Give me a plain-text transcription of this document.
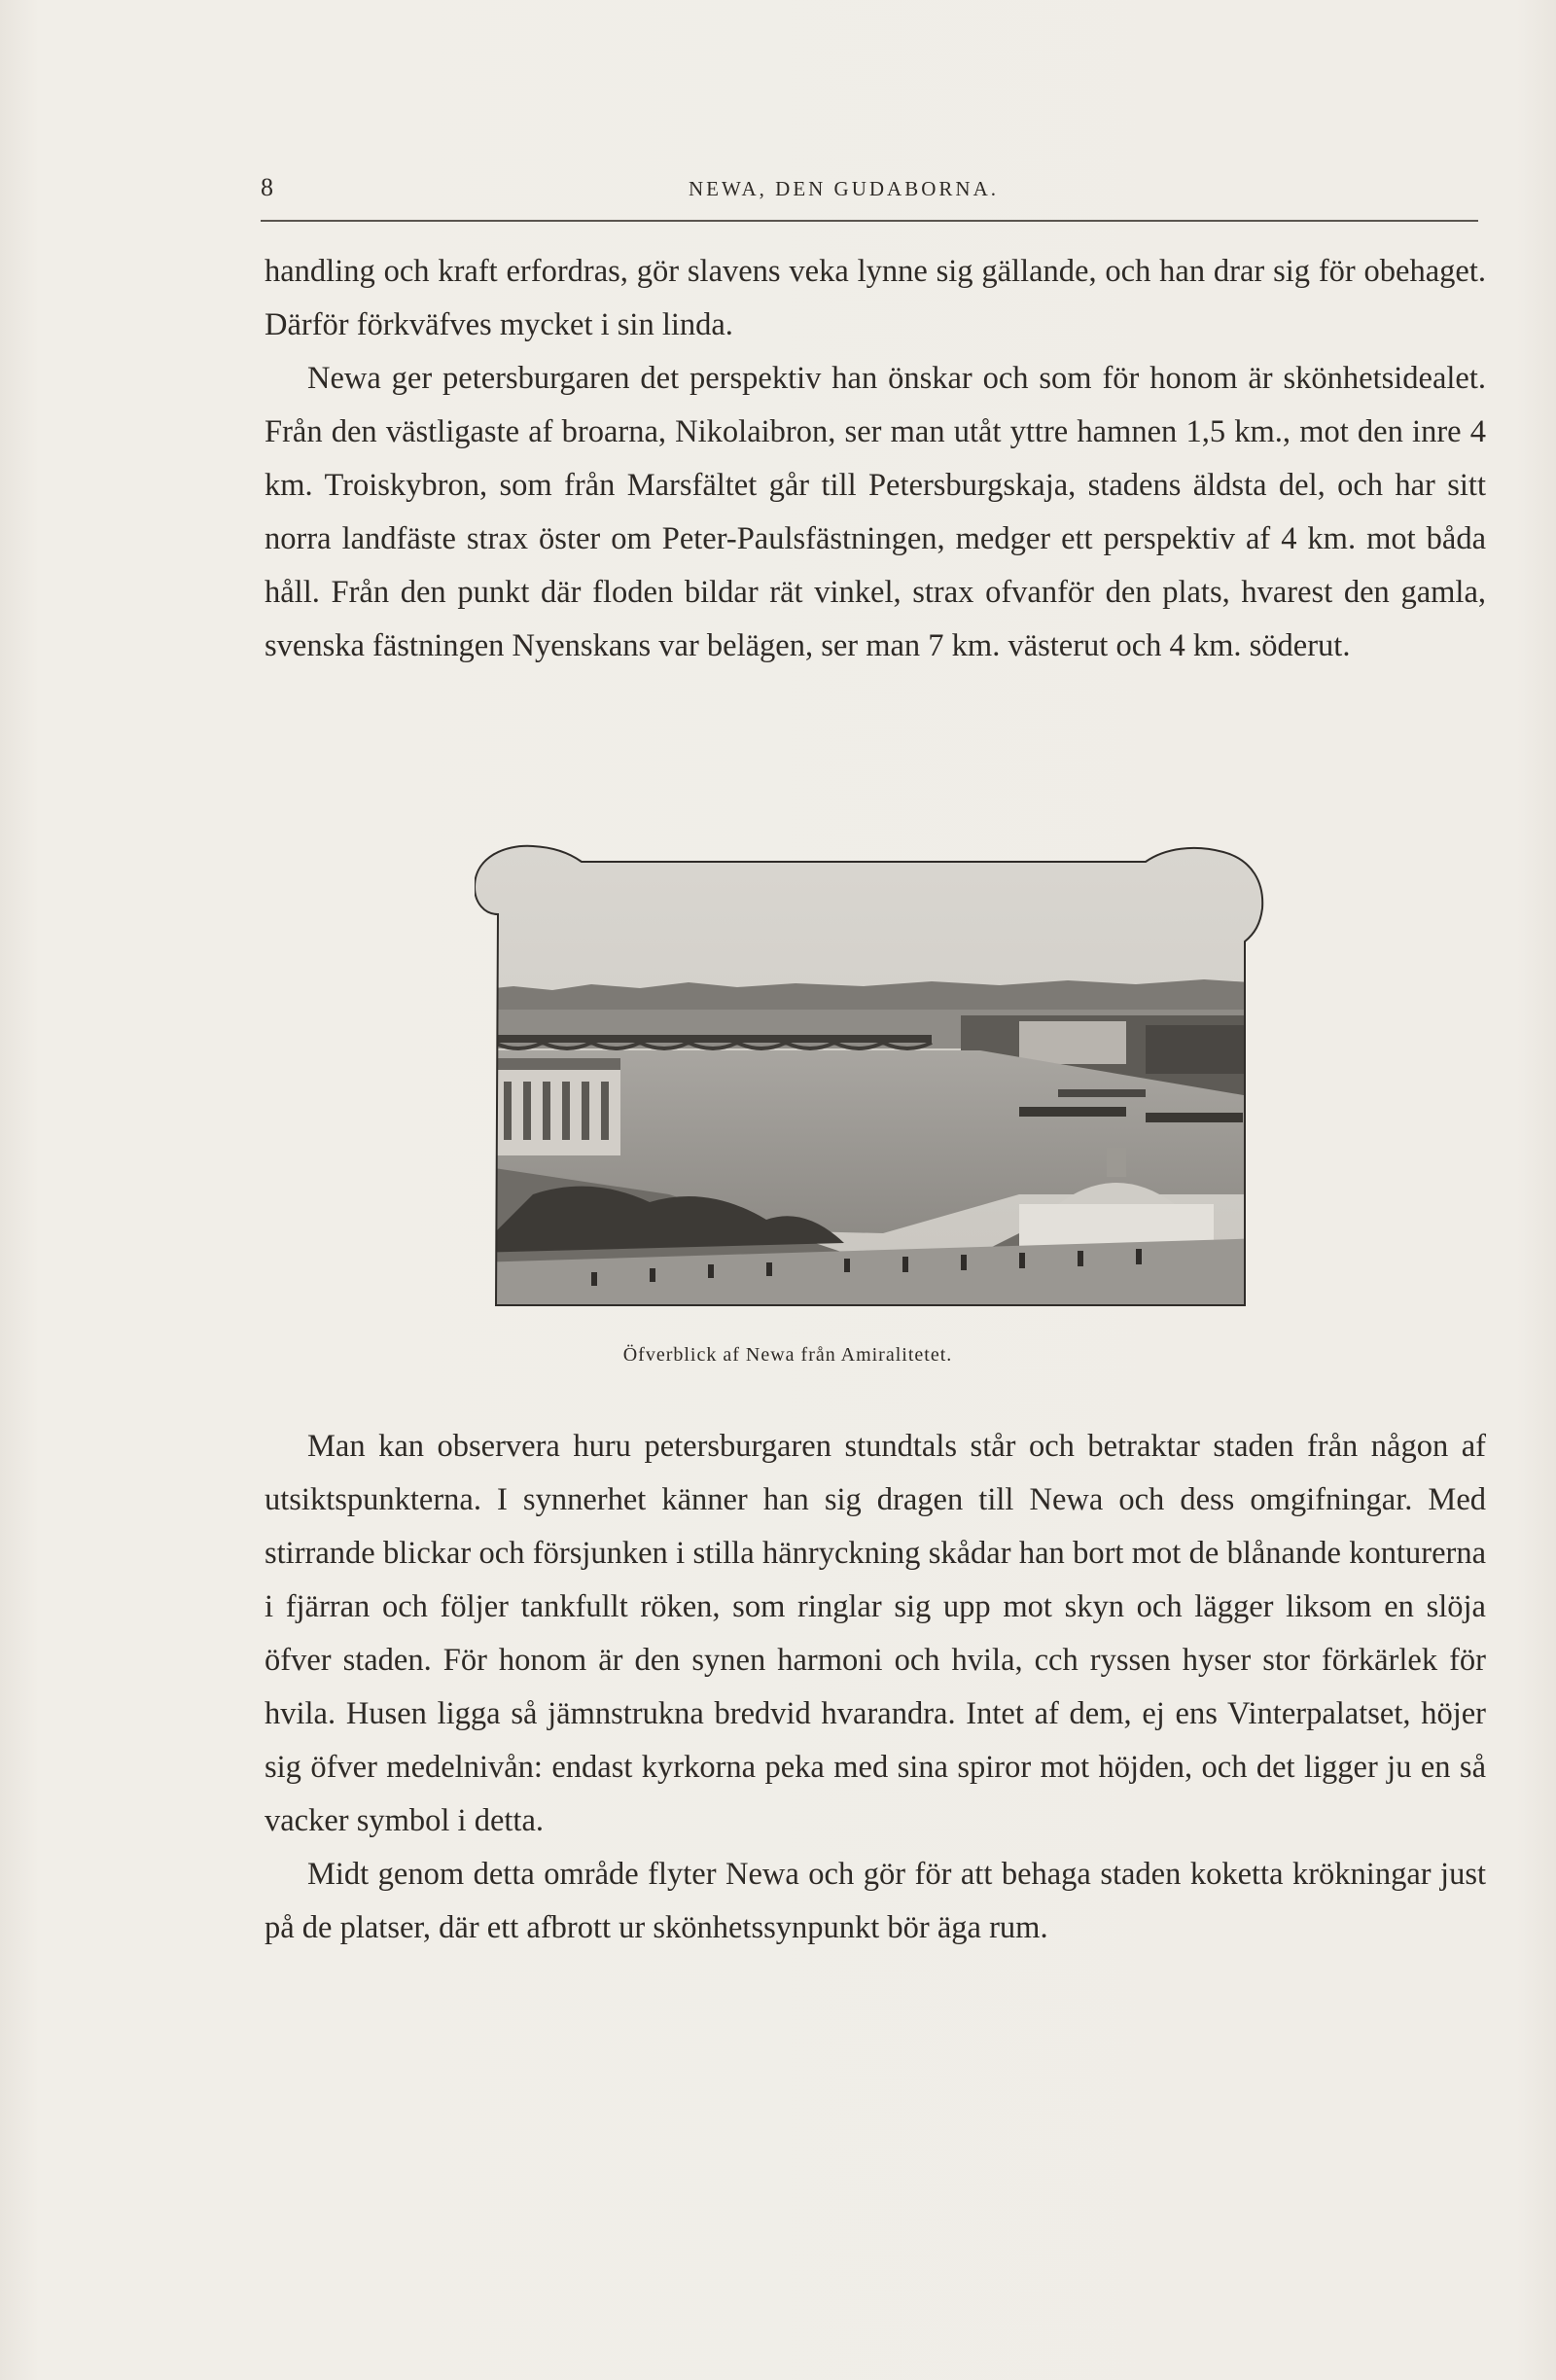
8	NEWA, DEN GUDABORNA.

handling och kraft erfordras, gör slavens veka lynne sig gällande, och han drar sig för obehaget. Därför förkväfves mycket i sin linda.

Newa ger petersburgaren det perspektiv han önskar och som för honom är skönhetsidealet. Från den västligaste af broarna, Nikolaibron, ser man utåt yttre hamnen 1,5 km., mot den inre 4 km. Troiskybron, som från Marsfältet går till Petersburgskaja, stadens äldsta del, och har sitt norra landfäste strax öster om Peter-Paulsfästningen, medger ett perspektiv af 4 km. mot båda håll. Från den punkt där floden bildar rät vinkel, strax ofvanför den plats, hvarest den gamla, svenska fästningen Nyenskans var belägen, ser man 7 km. västerut och 4 km. söderut.

Öfverblick af Newa från Amiralitetet.

Man kan observera huru petersburgaren stundtals står och betraktar staden från någon af utsiktspunkterna. I synnerhet känner han sig dragen till Newa och dess omgifningar. Med stirrande blickar och försjunken i stilla hänryckning skådar han bort mot de blånande konturerna i fjärran och följer tankfullt röken, som ringlar sig upp mot skyn och lägger liksom en slöja öfver staden. För honom är den synen harmoni och hvila, cch ryssen hyser stor förkärlek för hvila. Husen ligga så jämnstrukna bredvid hvarandra. Intet af dem, ej ens Vinterpalatset, höjer sig öfver medelnivån: endast kyrkorna peka med sina spiror mot höjden, och det ligger ju en så vacker symbol i detta.

Midt genom detta område flyter Newa och gör för att behaga staden koketta krökningar just på de platser, där ett afbrott ur skönhetssynpunkt bör äga rum.
